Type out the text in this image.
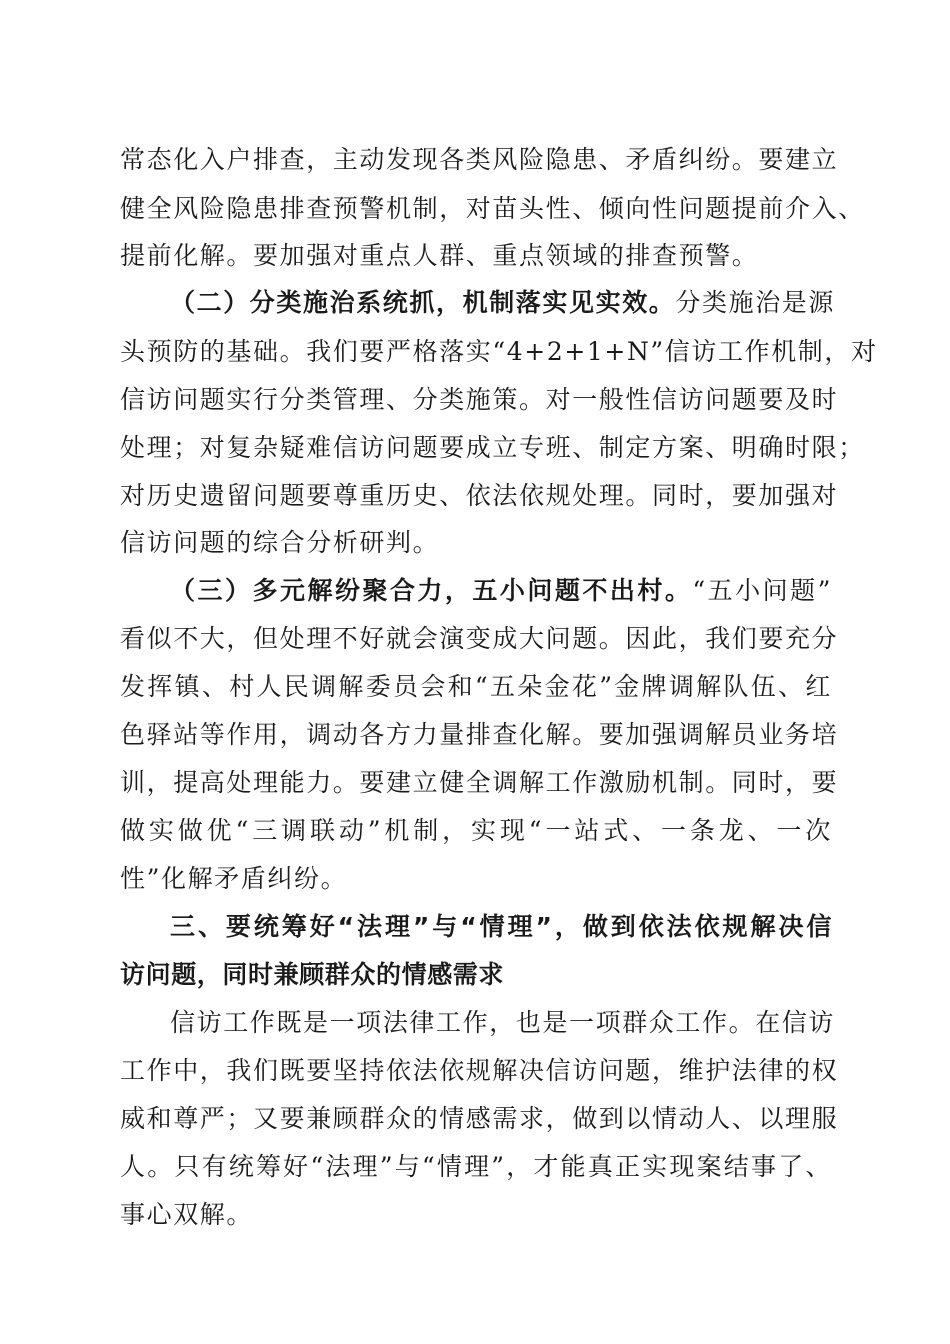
常态化入户排查，主动发现各类风险隐患、矛盾纠纷。要建立
健全风险隐患排查预警机制，对苗头性、倾向性问题提前介入、
提前化解。要加强对重点人群、重点领域的排查预警。
（二）分类施治系统抓，机制落实见实效。分类施治是源
头预防的基础。我们要严格落实“4+2+1+N”信访工作机制，对
信访问题实行分类管理、分类施策。对一般性信访问题要及时
处理；对复杂疑难信访问题要成立专班、制定方案、明确时限；
对历史遗留问题要尊重历史、依法依规处理。同时，要加强对
信访问题的综合分析研判。
（三）多元解纷聚合力，五小问题不出村。“五小问题”
看似不大，但处理不好就会演变成大问题。因此，我们要充分
发挥镇、村人民调解委员会和“五朵金花”金牌调解队伍、红
色驿站等作用，调动各方力量排查化解。要加强调解员业务培
训，提高处理能力。要建立健全调解工作激励机制。同时，要
做实做优“三调联动”机制，实现“一站式、一条龙、一次
性”化解矛盾纠纷。
三、要统筹好“法理”与“情理”，做到依法依规解决信
访问题，同时兼顾群众的情感需求
信访工作既是一项法律工作，也是一项群众工作。在信访
工作中，我们既要坚持依法依规解决信访问题，维护法律的权
威和尊严；又要兼顾群众的情感需求，做到以情动人、以理服
人。只有统筹好“法理”与“情理”，才能真正实现案结事了、
事心双解。
